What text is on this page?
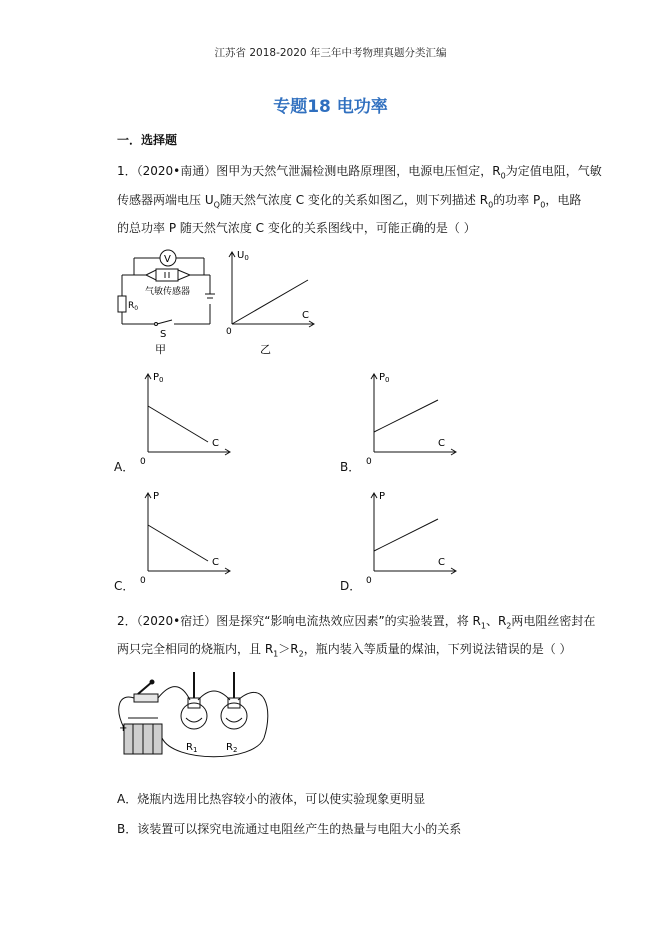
江苏省 2018-2020 年三年中考物理真题分类汇编
专题18 电功率
一．选择题
1．（2020•南通）图甲为天然气泄漏检测电路原理图，电源电压恒定，$R_0$为定值电阻，气敏
传感器两端电压 $U_Q$随天然气浓度 C 变化的关系如图乙，则下列描述 $R_0$的功率 $P_0$，电路
的总功率 P 随天然气浓度 C 变化的关系图线中，可能正确的是（ ）
V
气敏传感器
$R_0$
S
甲
$U_0$
C
0
乙
A．
$P_0$
C
0	B．
$P_0$
C
0
C．
P
C
0	D．
P
C
0
2．（2020•宿迁）图是探究“影响电流热效应因素”的实验装置，将 $R_1$、$R_2$两电阻丝密封在
两只完全相同的烧瓶内，且 $R_1>R_2$，瓶内装入等质量的煤油，下列说法错误的是（ ）
+
$R_1$	$R_2$
A．烧瓶内选用比热容较小的液体，可以使实验现象更明显
B．该装置可以探究电流通过电阻丝产生的热量与电阻大小的关系
